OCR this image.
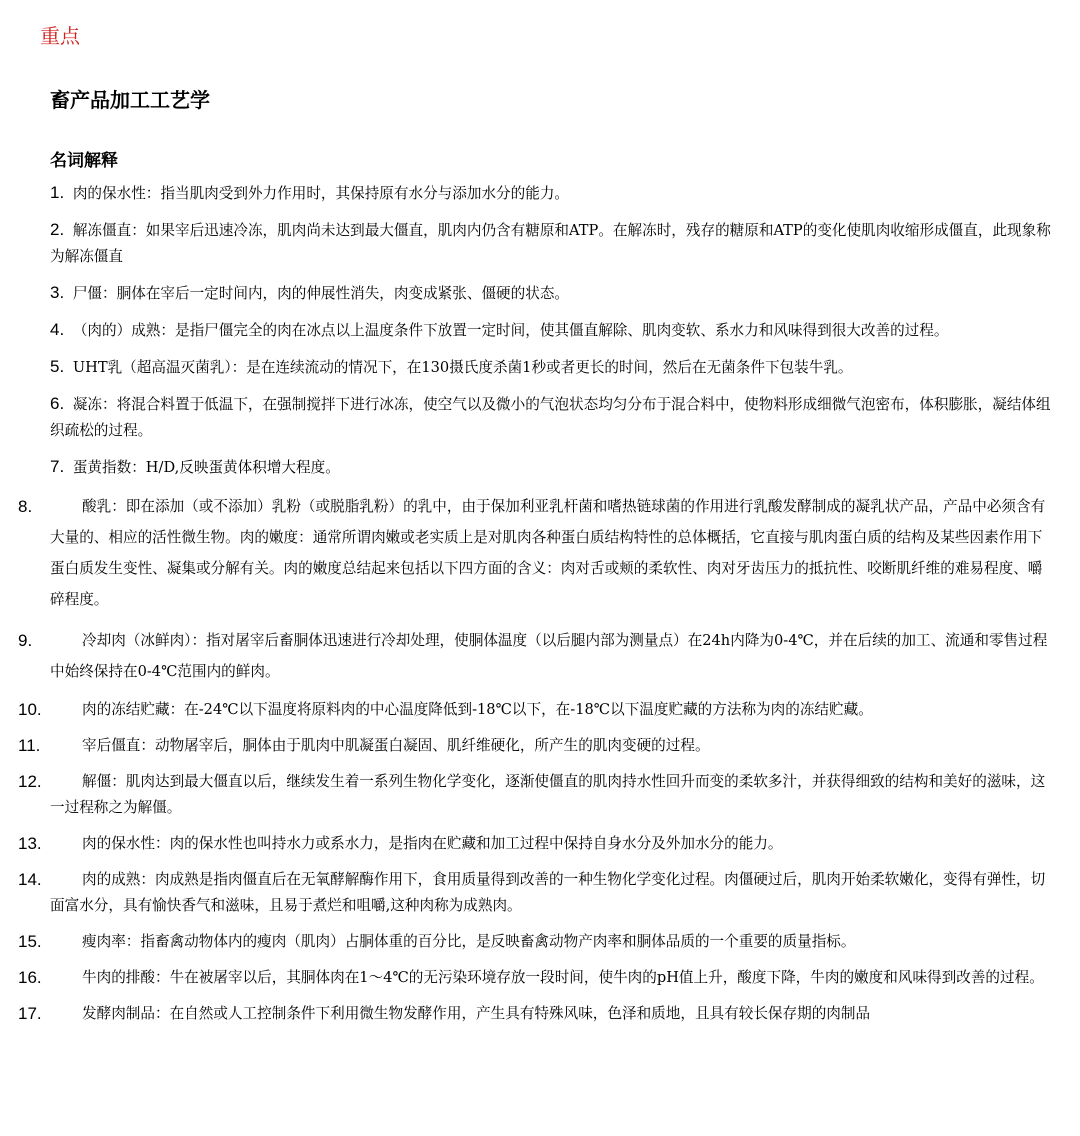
重点
畜产品加工工艺学
名词解释
1. 肉的保水性：指当肌肉受到外力作用时，其保持原有水分与添加水分的能力。
2. 解冻僵直：如果宰后迅速冷冻，肌肉尚未达到最大僵直，肌肉内仍含有糖原和ATP。在解冻时，残存的糖原和ATP的变化使肌肉收缩形成僵直，此现象称为解冻僵直
3. 尸僵：胴体在宰后一定时间内，肉的伸展性消失，肉变成紧张、僵硬的状态。
4. （肉的）成熟：是指尸僵完全的肉在冰点以上温度条件下放置一定时间，使其僵直解除、肌肉变软、系水力和风味得到很大改善的过程。
5. UHT乳（超高温灭菌乳）：是在连续流动的情况下，在130摄氏度杀菌1秒或者更长的时间，然后在无菌条件下包装牛乳。
6. 凝冻：将混合料置于低温下，在强制搅拌下进行冰冻，使空气以及微小的气泡状态均匀分布于混合料中，使物料形成细微气泡密布，体积膨胀，凝结体组织疏松的过程。
7. 蛋黄指数：H/D,反映蛋黄体积增大程度。
8.	酸乳：即在添加（或不添加）乳粉（或脱脂乳粉）的乳中，由于保加利亚乳杆菌和嗜热链球菌的作用进行乳酸发酵制成的凝乳状产品，产品中必须含有大量的、相应的活性微生物。肉的嫩度：通常所谓肉嫩或老实质上是对肌肉各种蛋白质结构特性的总体概括，它直接与肌肉蛋白质的结构及某些因素作用下蛋白质发生变性、凝集或分解有关。肉的嫩度总结起来包括以下四方面的含义：肉对舌或颊的柔软性、肉对牙齿压力的抵抗性、咬断肌纤维的难易程度、嚼碎程度。
9.	冷却肉（冰鲜肉）：指对屠宰后畜胴体迅速进行冷却处理，使胴体温度（以后腿内部为测量点）在24h内降为0-4℃，并在后续的加工、流通和零售过程中始终保持在0-4℃范围内的鲜肉。
10.	肉的冻结贮藏：在-24℃以下温度将原料肉的中心温度降低到-18℃以下，在-18℃以下温度贮藏的方法称为肉的冻结贮藏。
11.	宰后僵直：动物屠宰后，胴体由于肌肉中肌凝蛋白凝固、肌纤维硬化，所产生的肌肉变硬的过程。
12.	解僵：肌肉达到最大僵直以后，继续发生着一系列生物化学变化，逐渐使僵直的肌肉持水性回升而变的柔软多汁，并获得细致的结构和美好的滋味，这一过程称之为解僵。
13.	肉的保水性：肉的保水性也叫持水力或系水力，是指肉在贮藏和加工过程中保持自身水分及外加水分的能力。
14.	肉的成熟：肉成熟是指肉僵直后在无氧酵解酶作用下，食用质量得到改善的一种生物化学变化过程。肉僵硬过后，肌肉开始柔软嫩化，变得有弹性，切面富水分，具有愉快香气和滋味，且易于煮烂和咀嚼,这种肉称为成熟肉。
15.	瘦肉率：指畜禽动物体内的瘦肉（肌肉）占胴体重的百分比，是反映畜禽动物产肉率和胴体品质的一个重要的质量指标。
16.	牛肉的排酸：牛在被屠宰以后，其胴体肉在1～4℃的无污染环境存放一段时间，使牛肉的pH值上升，酸度下降，牛肉的嫩度和风味得到改善的过程。
17.	发酵肉制品：在自然或人工控制条件下利用微生物发酵作用，产生具有特殊风味，色泽和质地，且具有较长保存期的肉制品
